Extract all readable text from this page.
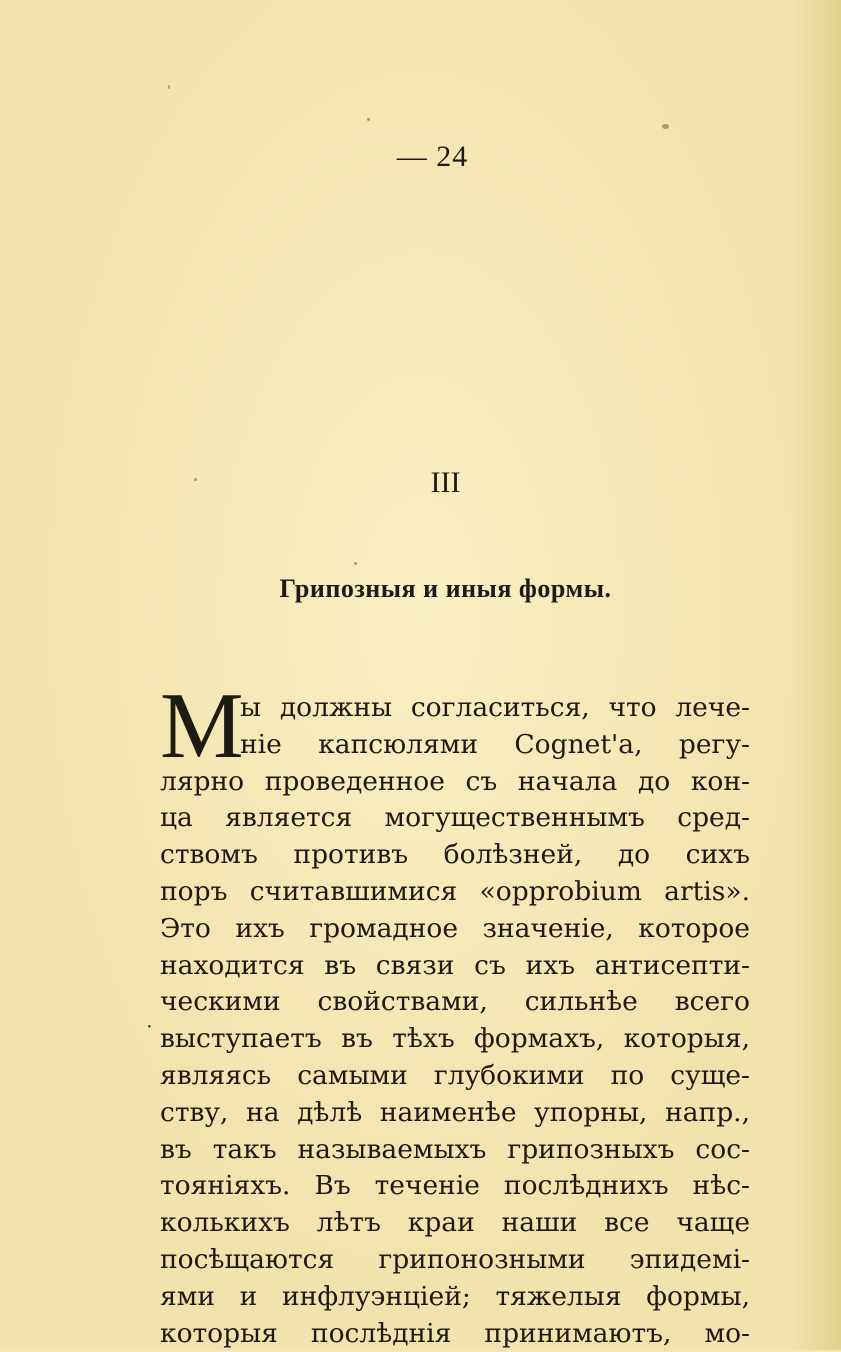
— 24
III
Грипозныя и иныя формы.
М
ы должны согласиться, что лече-
ніе капсюлями Cognet'a, регу-
лярно проведенное съ начала до кон-
ца является могущественнымъ сред-
ствомъ противъ болѣзней, до сихъ
поръ считавшимися «opprobium artis».
Это ихъ громадное значеніе, которое
находится въ связи съ ихъ антисепти-
ческими свойствами, сильнѣе всего
выступаетъ въ тѣхъ формахъ, которыя,
являясь самыми глубокими по суще-
ству, на дѣлѣ наименѣе упорны, напр.,
въ такъ называемыхъ грипозныхъ сос-
тояніяхъ. Въ теченіе послѣднихъ нѣс-
колькихъ лѣтъ краи наши все чаще
посѣщаются грипонозными эпидемі-
ями и инфлуэнціей; тяжелыя формы,
которыя послѣднія принимаютъ, мо-
·
